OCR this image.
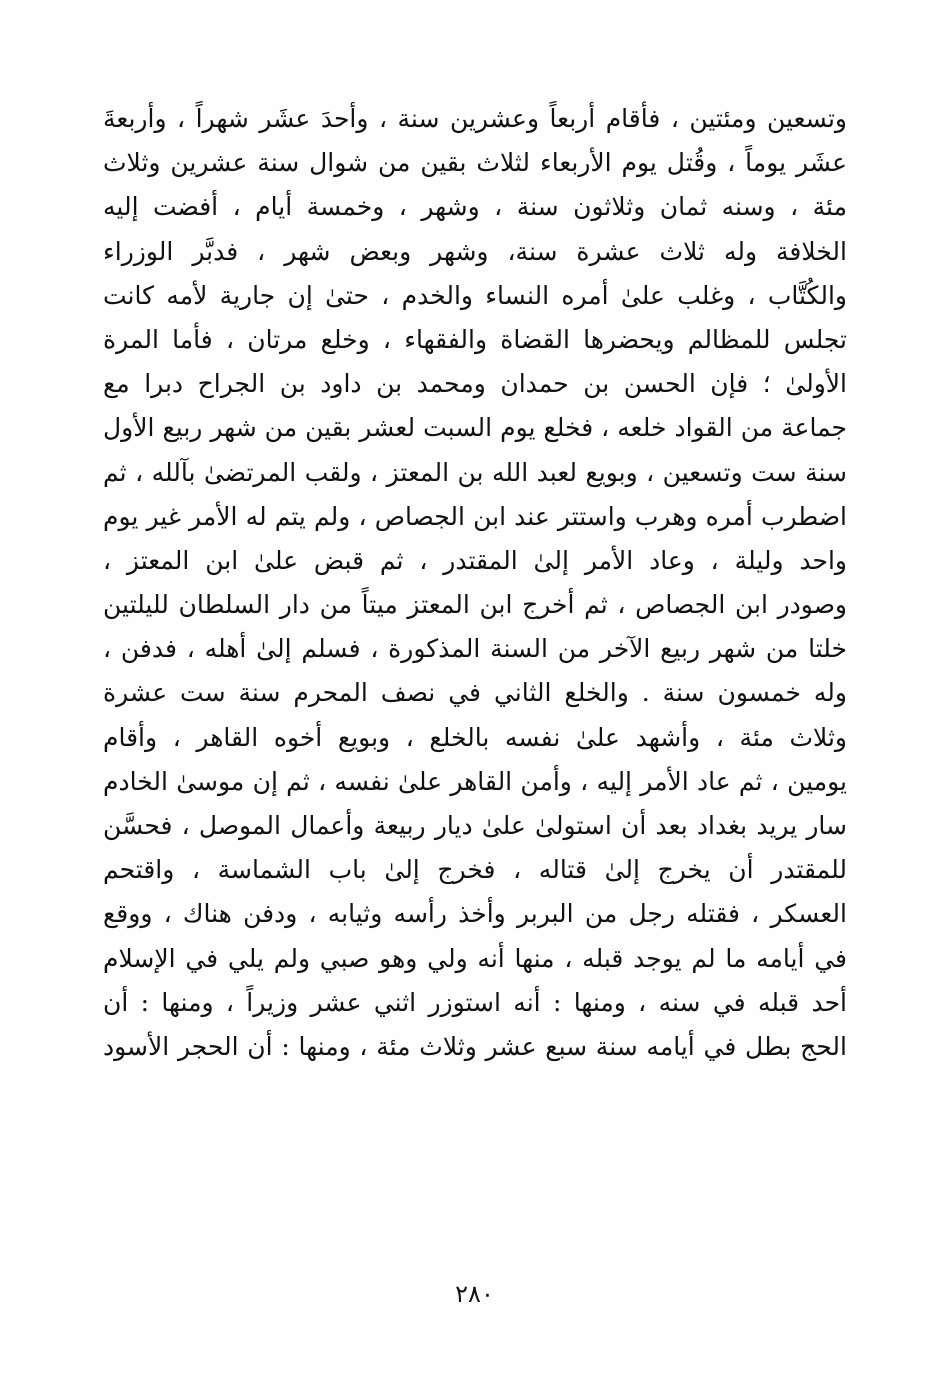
وتسعين ومئتين ، فأقام أربعاً وعشرين سنة ، وأحدَ عشَر شهراً ، وأربعةَ
عشَر يوماً ، وقُتل يوم الأربعاء لثلاث بقين من شوال سنة عشرين وثلاث
مئة ، وسنه ثمان وثلاثون سنة ، وشهر ، وخمسة أيام ، أفضت إليه
الخلافة وله ثلاث عشرة سنة، وشهر وبعض شهر ، فدبَّر الوزراء
والكُتَّاب ، وغلب علىٰ أمره النساء والخدم ، حتىٰ إن جارية لأمه كانت
تجلس للمظالم ويحضرها القضاة والفقهاء ، وخلع مرتان ، فأما المرة
الأولىٰ ؛ فإن الحسن بن حمدان ومحمد بن داود بن الجراح دبرا مع
جماعة من القواد خلعه ، فخلع يوم السبت لعشر بقين من شهر ربيع الأول
سنة ست وتسعين ، وبويع لعبد الله بن المعتز ، ولقب المرتضىٰ بآلله ، ثم
اضطرب أمره وهرب واستتر عند ابن الجصاص ، ولم يتم له الأمر غير يوم
واحد وليلة ، وعاد الأمر إلىٰ المقتدر ، ثم قبض علىٰ ابن المعتز ،
وصودر ابن الجصاص ، ثم أخرج ابن المعتز ميتاً من دار السلطان لليلتين
خلتا من شهر ربيع الآخر من السنة المذكورة ، فسلم إلىٰ أهله ، فدفن ،
وله خمسون سنة . والخلع الثاني في نصف المحرم سنة ست عشرة
وثلاث مئة ، وأشهد علىٰ نفسه بالخلع ، وبويع أخوه القاهر ، وأقام
يومين ، ثم عاد الأمر إليه ، وأمن القاهر علىٰ نفسه ، ثم إن موسىٰ الخادم
سار يريد بغداد بعد أن استولىٰ علىٰ ديار ربيعة وأعمال الموصل ، فحسَّن
للمقتدر أن يخرج إلىٰ قتاله ، فخرج إلىٰ باب الشماسة ، واقتحم
العسكر ، فقتله رجل من البربر وأخذ رأسه وثيابه ، ودفن هناك ، ووقع
في أيامه ما لم يوجد قبله ، منها أنه ولي وهو صبي ولم يلي في الإسلام
أحد قبله في سنه ، ومنها : أنه استوزر اثني عشر وزيراً ، ومنها : أن
الحج بطل في أيامه سنة سبع عشر وثلاث مئة ، ومنها : أن الحجر الأسود
٢٨٠
